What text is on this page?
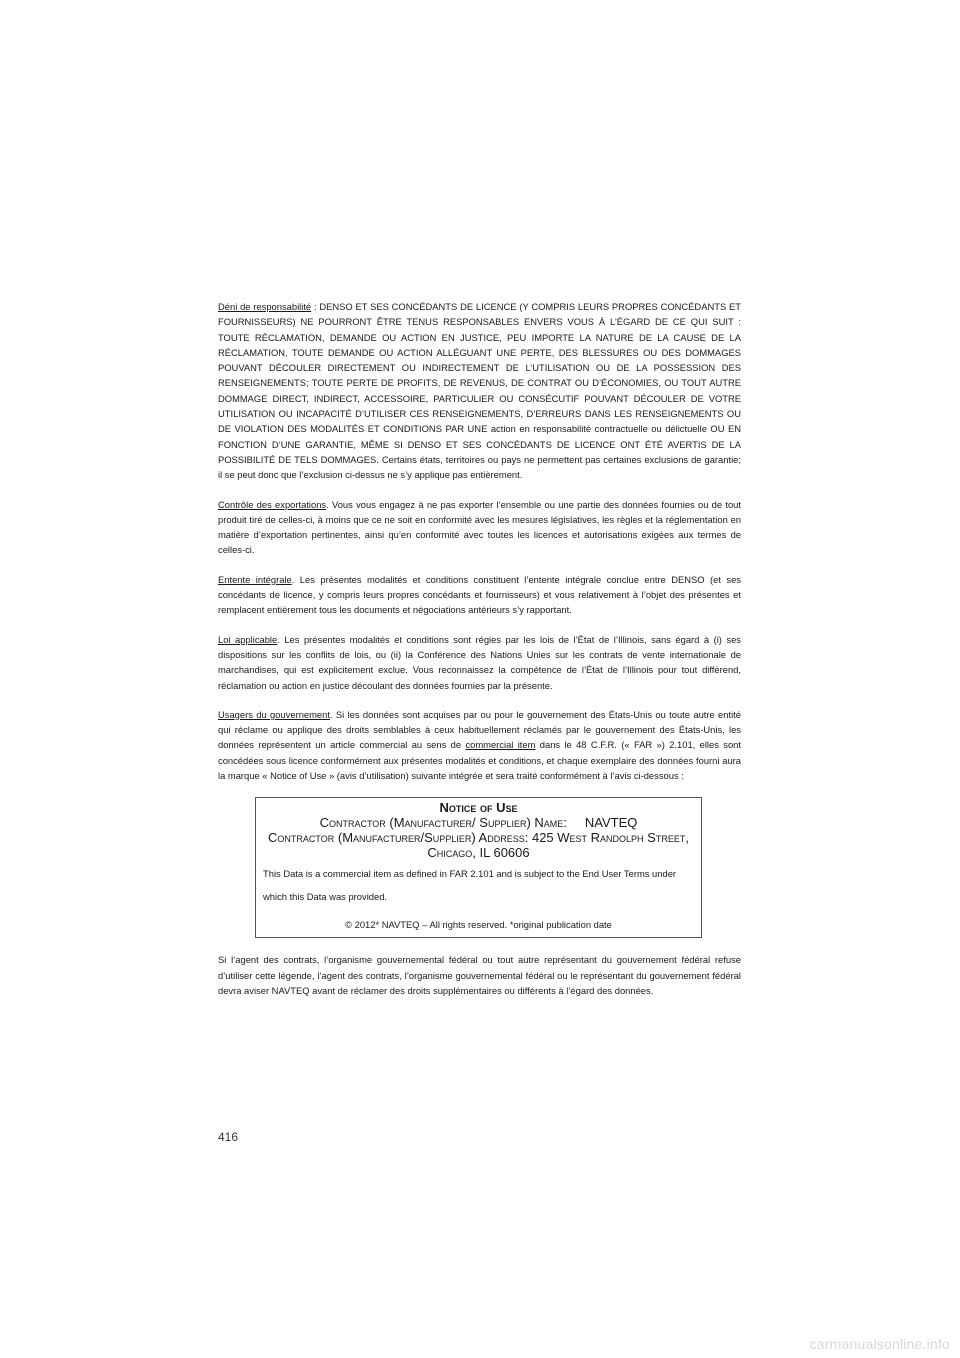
Déni de responsabilité : DENSO ET SES CONCÉDANTS DE LICENCE (Y COMPRIS LEURS PROPRES CONCÉDANTS ET FOURNISSEURS) NE POURRONT ÊTRE TENUS RESPONSABLES ENVERS VOUS À L’ÉGARD DE CE QUI SUIT : TOUTE RÉCLAMATION, DEMANDE OU ACTION EN JUSTICE, PEU IMPORTE LA NATURE DE LA CAUSE DE LA RÉCLAMATION, TOUTE DEMANDE OU ACTION ALLÉGUANT UNE PERTE, DES BLESSURES OU DES DOMMAGES POUVANT DÉCOULER DIRECTEMENT OU INDIRECTEMENT DE L’UTILISATION OU DE LA POSSESSION DES RENSEIGNEMENTS; TOUTE PERTE DE PROFITS, DE REVENUS, DE CONTRAT OU D’ÉCONOMIES, OU TOUT AUTRE DOMMAGE DIRECT, INDIRECT, ACCESSOIRE, PARTICULIER OU CONSÉCUTIF POUVANT DÉCOULER DE VOTRE UTILISATION OU INCAPACITÉ D’UTILISER CES RENSEIGNEMENTS, D’ERREURS DANS LES RENSEIGNEMENTS OU DE VIOLATION DES MODALITÉS ET CONDITIONS PAR UNE action en responsabilité contractuelle ou délictuelle OU EN FONCTION D’UNE GARANTIE, MÊME SI DENSO ET SES CONCÉDANTS DE LICENCE ONT ÉTÉ AVERTIS DE LA POSSIBILITÉ DE TELS DOMMAGES. Certains états, territoires ou pays ne permettent pas certaines exclusions de garantie; il se peut donc que l’exclusion ci-dessus ne s’y applique pas entièrement.

Contrôle des exportations. Vous vous engagez à ne pas exporter l’ensemble ou une partie des données fournies ou de tout produit tiré de celles-ci, à moins que ce ne soit en conformité avec les mesures législatives, les règles et la réglementation en matière d’exportation pertinentes, ainsi qu’en conformité avec toutes les licences et autorisations exigées aux termes de celles-ci.

Entente intégrale. Les présentes modalités et conditions constituent l’entente intégrale conclue entre DENSO (et ses concédants de licence, y compris leurs propres concédants et fournisseurs) et vous relativement à l’objet des présentes et remplacent entièrement tous les documents et négociations antérieurs s’y rapportant.

Loi applicable. Les présentes modalités et conditions sont régies par les lois de l’État de l’Illinois, sans égard à (i) ses dispositions sur les conflits de lois, ou (ii) la Conférence des Nations Unies sur les contrats de vente internationale de marchandises, qui est explicitement exclue. Vous reconnaissez la compétence de l’État de l’Illinois pour tout différend, réclamation ou action en justice découlant des données fournies par la présente.

Usagers du gouvernement. Si les données sont acquises par ou pour le gouvernement des États-Unis ou toute autre entité qui réclame ou applique des droits semblables à ceux habituellement réclamés par le gouvernement des États-Unis, les données représentent un article commercial au sens de commercial item dans le 48 C.F.R. (« FAR ») 2.101, elles sont concédées sous licence conformément aux présentes modalités et conditions, et chaque exemplaire des données fourni aura la marque « Notice of Use » (avis d’utilisation) suivante intégrée et sera traité conformément à l’avis ci-dessous :

Notice of Use
Contractor (Manufacturer/ Supplier) Name: NAVTEQ
Contractor (Manufacturer/Supplier) Address: 425 West Randolph Street, Chicago, IL 60606
This Data is a commercial item as defined in FAR 2.101 and is subject to the End User Terms under which this Data was provided.
© 2012* NAVTEQ – All rights reserved. *original publication date

Si l’agent des contrats, l’organisme gouvernemental fédéral ou tout autre représentant du gouvernement fédéral refuse d’utiliser cette légende, l’agent des contrats, l’organisme gouvernemental fédéral ou le représentant du gouvernement fédéral devra aviser NAVTEQ avant de réclamer des droits supplémentaires ou différents à l’égard des données.

416
carmanualsonline.info
